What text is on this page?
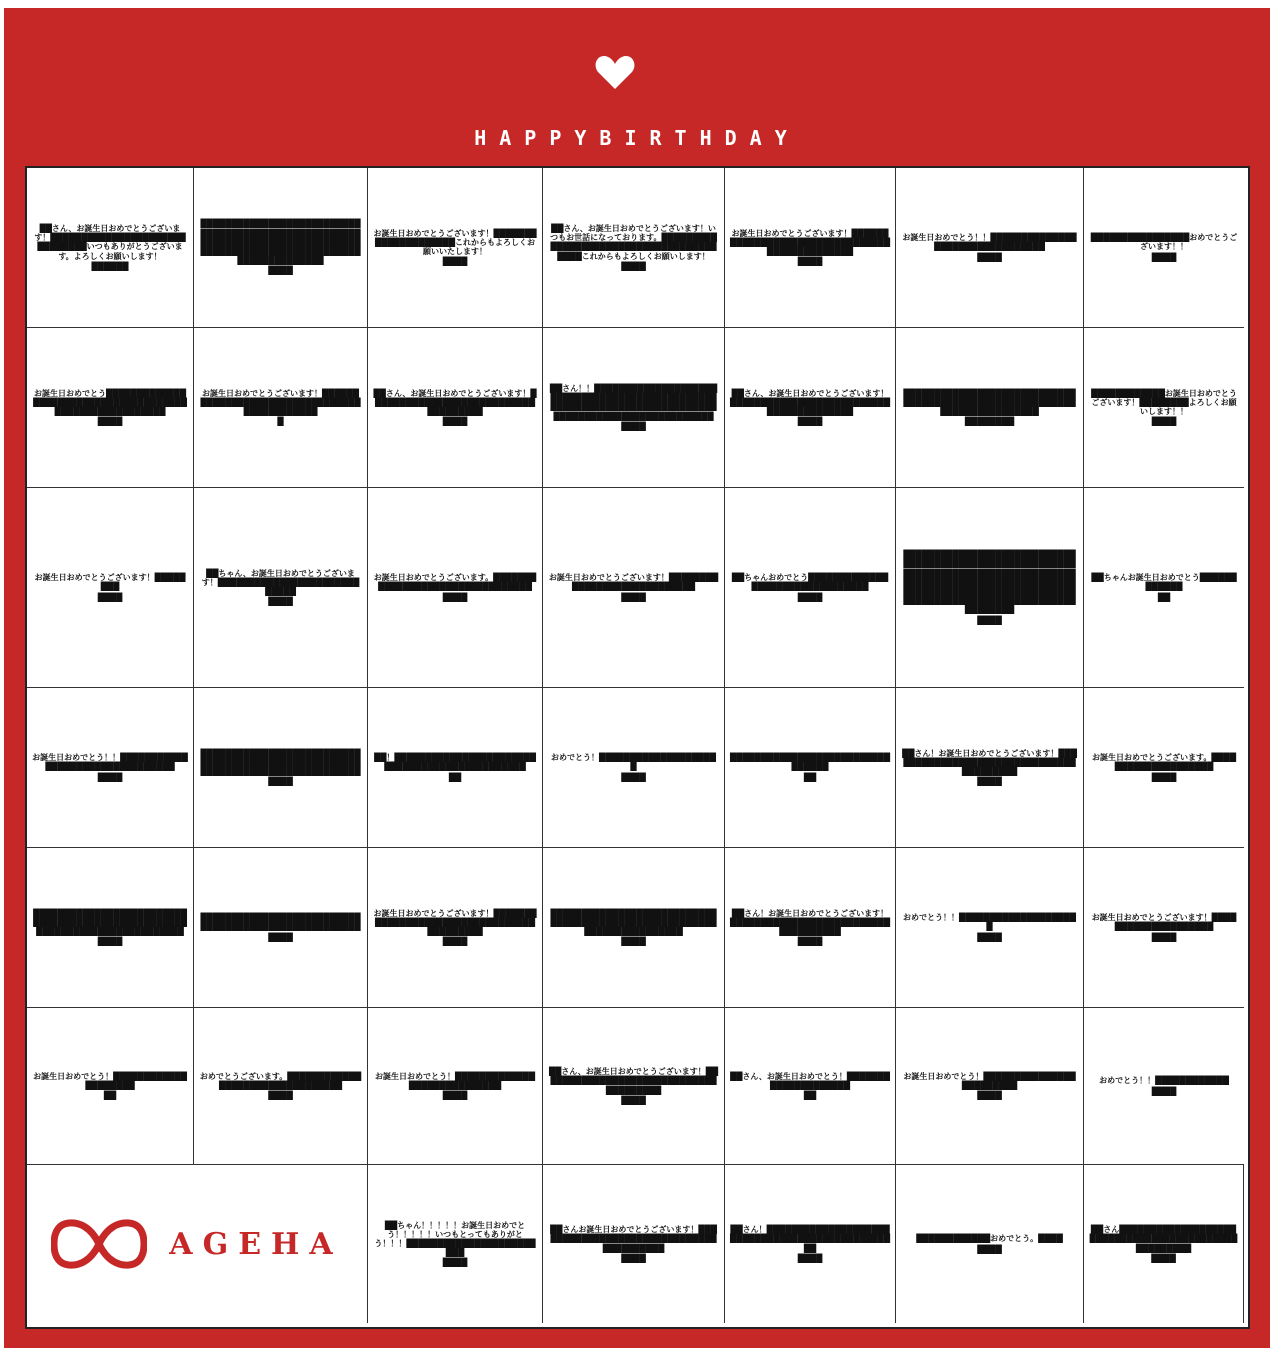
HAPPYBIRTHDAY

██さん、お誕生日おめでとうございます！██████████████████████████████いつもありがとうございます。よろしくお願いします！
██████

██████████████████████████████████████████████████████████████████████████████████████████████████████████████████████
████

お誕生日おめでとうございます！████████████████████これからもよろしくお願いいたします！
████

██さん、お誕生日おめでとうございます！いつもお世話になっております。████████████████████████████████████████これからもよろしくお願いします！
████

お誕生日おめでとうございます！██████████████████████████████████████████████
████

お誕生日おめでとう！！████████████████████████████████
████

████████████████おめでとうございます！！
████

お誕生日おめでとう████████████████████████████████████████████████████████
████

お誕生日おめでとうございます！████████████████████████████████████████████
█

██さん、お誕生日おめでとうございます！████████████████████████████████████
████

██さん！！████████████████████████████████████████████████████████████████████████████████████████████████████
████

██さん、お誕生日おめでとうございます！████████████████████████████████████████
████

████████████████████████████████████████████████████████████████████████
████████

████████████お誕生日おめでとうございます！████████よろしくお願いします！！
████

お誕生日おめでとうございます！████████
████

██ちゃん、お誕生日おめでとうございます！████████████████████████████
████

お誕生日おめでとうございます。████████████████████████████████
████

お誕生日おめでとうございます！████████████████████████████
████

██ちゃんおめでとう████████████████████████████████
████

████████████████████████████████████████████████████████████████████████████████████████████████████████████████████████████████████████████████████████████████████████████████
████

██ちゃんお誕生日おめでとう████████████
██

お誕生日おめでとう！！████████████████████████████████
████

██████████████████████████████████████████████████████████████████████████████
████

██！██████████████████████████████████████████████
██

おめでとう！████████████████████
████

████████████████████████████████
██

██さん！お誕生日おめでとうございます！████████████████████████████████████████
████

お誕生日おめでとうございます。████████████████████
████

██████████████████████████████████████████████████████████████████████████
████

████████████████████████████████████████████████████
████

お誕生日おめでとうございます！██████████████████████████████████████████
████

██████████████████████████████████████████████████████████████████████
████

██さん！お誕生日おめでとうございます！████████████████████████████████████
████

おめでとう！！████████████████████
████

お誕生日おめでとうございます！████████████████████
████

お誕生日おめでとう！████████████████████
██

おめでとうございます。████████████████████████████████
████

お誕生日おめでとう！████████████████████████████
████

██さん、お誕生日おめでとうございます！██████████████████████████████████████
████

██さん、お誕生日おめでとう！████████████████████
██

お誕生日おめでとう！████████████████████████
████

おめでとう！！████████████
████

AGEHA

██ちゃん！！！！！お誕生日おめでとう！！！！！いつもとってもありがとう！！！████████████████████████
████

██さんお誕生日おめでとうございます！████████████████████████████████████████
████

██さん！████████████████████████████████████████████████
████

████████████おめでとう。████
████

██さん████████████████████████████████████████████████████
████
